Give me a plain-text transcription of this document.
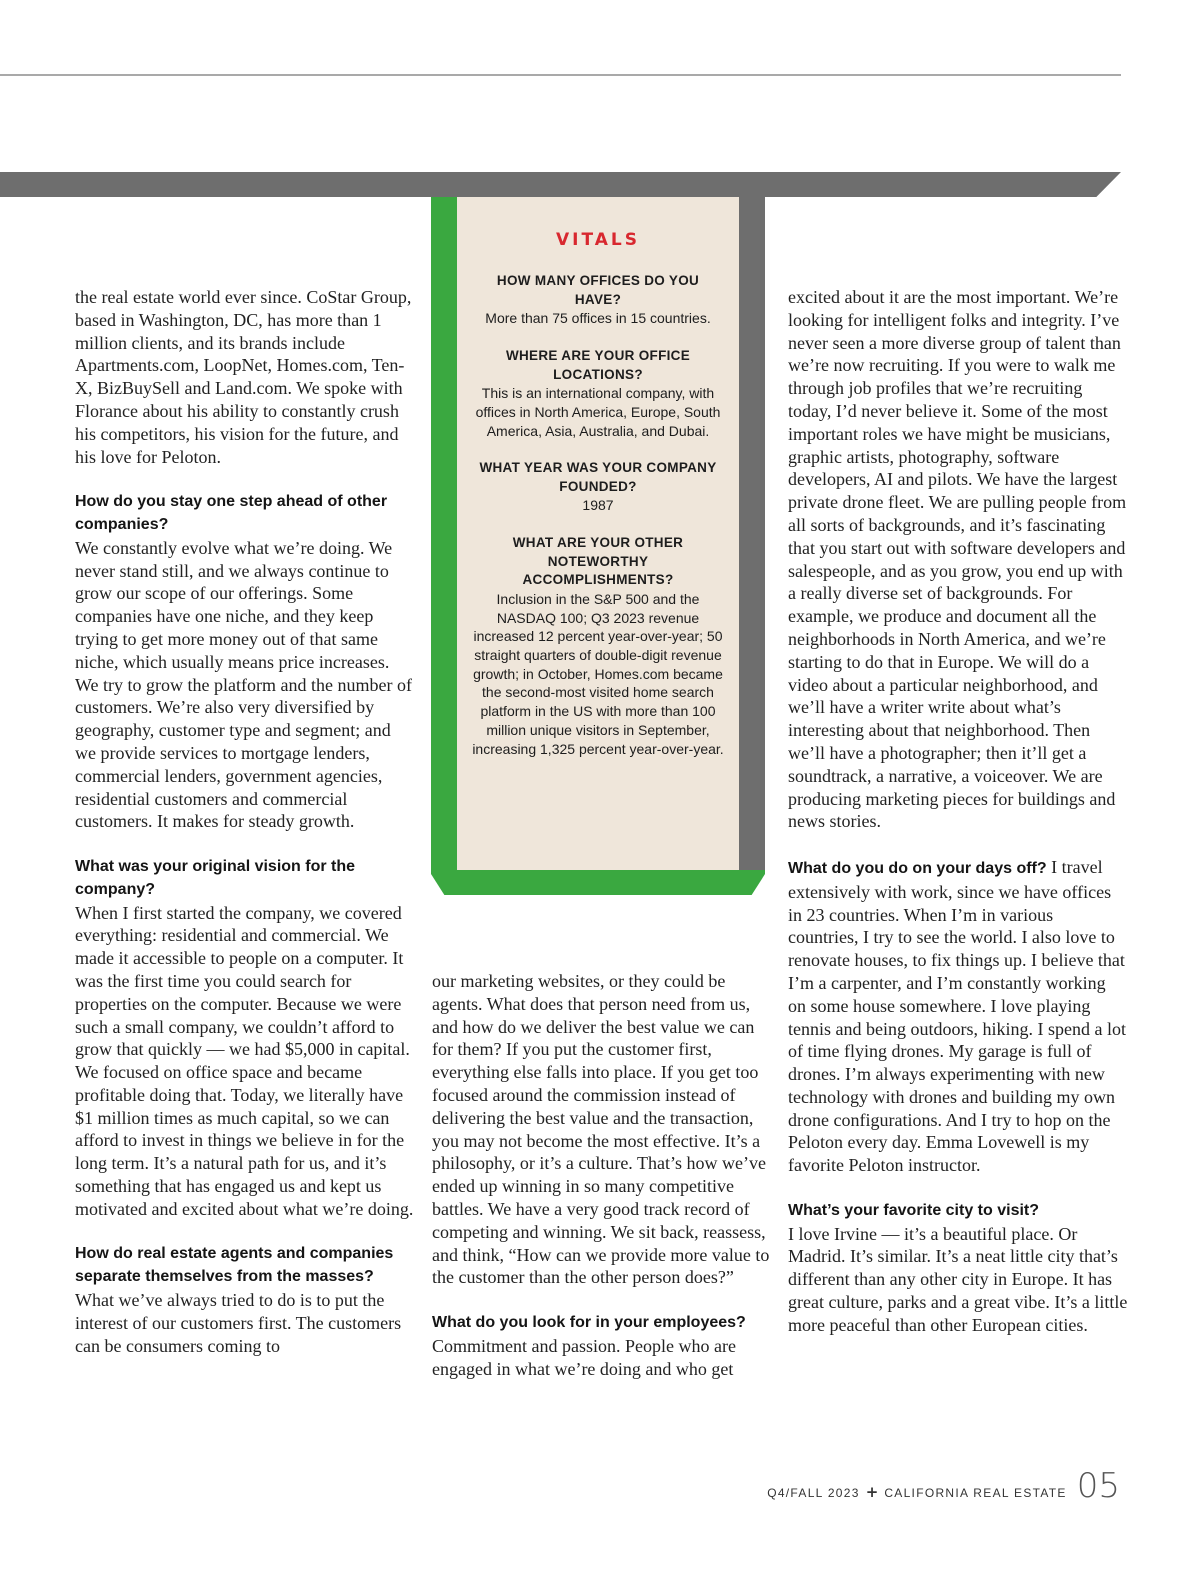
VITALS
HOW MANY OFFICES DO YOU HAVE?
More than 75 offices in 15 countries.
WHERE ARE YOUR OFFICE LOCATIONS?
This is an international company, with offices in North America, Europe, South America, Asia, Australia, and Dubai.
WHAT YEAR WAS YOUR COMPANY FOUNDED?
1987
WHAT ARE YOUR OTHER NOTEWORTHY ACCOMPLISHMENTS?
Inclusion in the S&P 500 and the NASDAQ 100; Q3 2023 revenue increased 12 percent year-over-year; 50 straight quarters of double-digit revenue growth; in October, Homes.com became the second-most visited home search platform in the US with more than 100 million unique visitors in September, increasing 1,325 percent year-over-year.

the real estate world ever since. CoStar Group, based in Washington, DC, has more than 1 million clients, and its brands include Apartments.com, LoopNet, Homes.com, Ten-X, BizBuySell and Land.com. We spoke with Florance about his ability to constantly crush his competitors, his vision for the future, and his love for Peloton.

How do you stay one step ahead of other companies?
We constantly evolve what we’re doing. We never stand still, and we always continue to grow our scope of our offerings. Some companies have one niche, and they keep trying to get more money out of that same niche, which usually means price increases. We try to grow the platform and the number of customers. We’re also very diversified by geography, customer type and segment; and we provide services to mortgage lenders, commercial lenders, government agencies, residential customers and commercial customers. It makes for steady growth.

What was your original vision for the company?
When I first started the company, we covered everything: residential and commercial. We made it accessible to people on a computer. It was the first time you could search for properties on the computer. Because we were such a small company, we couldn’t afford to grow that quickly — we had $5,000 in capital. We focused on office space and became profitable doing that. Today, we literally have $1 million times as much capital, so we can afford to invest in things we believe in for the long term. It’s a natural path for us, and it’s something that has engaged us and kept us motivated and excited about what we’re doing.

How do real estate agents and companies separate themselves from the masses?
What we’ve always tried to do is to put the interest of our customers first. The customers can be consumers coming to

our marketing websites, or they could be agents. What does that person need from us, and how do we deliver the best value we can for them? If you put the customer first, everything else falls into place. If you get too focused around the commission instead of delivering the best value and the transaction, you may not become the most effective. It’s a philosophy, or it’s a culture. That’s how we’ve ended up winning in so many competitive battles. We have a very good track record of competing and winning. We sit back, reassess, and think, “How can we provide more value to the customer than the other person does?”

What do you look for in your employees?
Commitment and passion. People who are engaged in what we’re doing and who get

excited about it are the most important. We’re looking for intelligent folks and integrity. I’ve never seen a more diverse group of talent than we’re now recruiting. If you were to walk me through job profiles that we’re recruiting today, I’d never believe it. Some of the most important roles we have might be musicians, graphic artists, photography, software developers, AI and pilots. We have the largest private drone fleet. We are pulling people from all sorts of backgrounds, and it’s fascinating that you start out with software developers and salespeople, and as you grow, you end up with a really diverse set of backgrounds. For example, we produce and document all the neighborhoods in North America, and we’re starting to do that in Europe. We will do a video about a particular neighborhood, and we’ll have a writer write about what’s interesting about that neighborhood. Then we’ll have a photographer; then it’ll get a soundtrack, a narrative, a voiceover. We are producing marketing pieces for buildings and news stories.

What do you do on your days off? I travel extensively with work, since we have offices in 23 countries. When I’m in various countries, I try to see the world. I also love to renovate houses, to fix things up. I believe that I’m a carpenter, and I’m constantly working on some house somewhere. I love playing tennis and being outdoors, hiking. I spend a lot of time flying drones. My garage is full of drones. I’m always experimenting with new technology with drones and building my own drone configurations. And I try to hop on the Peloton every day. Emma Lovewell is my favorite Peloton instructor.

What’s your favorite city to visit?
I love Irvine — it’s a beautiful place. Or Madrid. It’s similar. It’s a neat little city that’s different than any other city in Europe. It has great culture, parks and a great vibe. It’s a little more peaceful than other European cities.

Q4/FALL 2023 + CALIFORNIA REAL ESTATE 05
